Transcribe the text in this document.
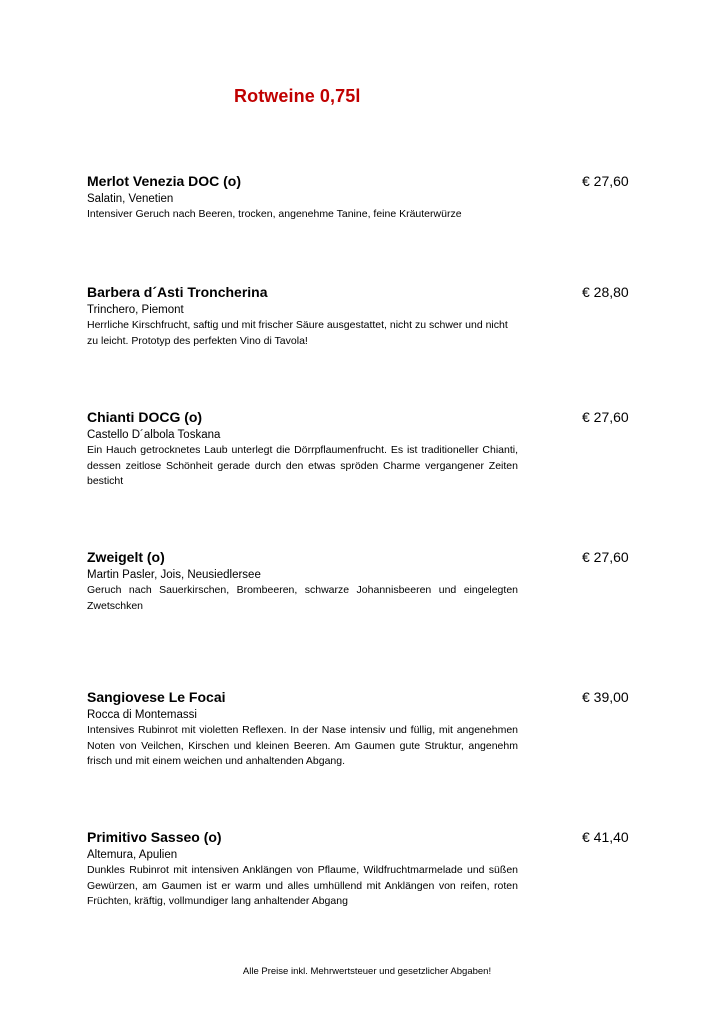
Rotweine 0,75l
Merlot Venezia DOC (o)
Salatin, Venetien

Intensiver Geruch nach Beeren, trocken, angenehme Tanine, feine Kräuterwürze

€ 27,60
Barbera d´Asti Troncherina
Trinchero, Piemont

Herrliche Kirschfrucht, saftig und mit frischer Säure ausgestattet, nicht zu schwer und nicht zu leicht. Prototyp des perfekten Vino di Tavola!

€ 28,80
Chianti DOCG (o)
Castello D´albola Toskana

Ein Hauch getrocknetes Laub unterlegt die Dörrpflaumenfrucht. Es ist traditioneller Chianti, dessen zeitlose Schönheit gerade durch den etwas spröden Charme vergangener Zeiten besticht

€ 27,60
Zweigelt (o)
Martin Pasler, Jois, Neusiedlersee

Geruch nach Sauerkirschen, Brombeeren, schwarze Johannisbeeren und eingelegten Zwetschken

€ 27,60
Sangiovese Le Focai
Rocca di Montemassi

Intensives Rubinrot mit violetten Reflexen. In der Nase intensiv und füllig, mit angenehmen Noten von Veilchen, Kirschen und kleinen Beeren. Am Gaumen gute Struktur, angenehm frisch und mit einem weichen und anhaltenden Abgang.

€ 39,00
Primitivo Sasseo (o)
Altemura, Apulien

Dunkles Rubinrot mit intensiven Anklängen von Pflaume, Wildfruchtmarmelade und süßen Gewürzen, am Gaumen ist er warm und alles umhüllend mit Anklängen von reifen, roten Früchten, kräftig, vollmundiger lang anhaltender Abgang

€ 41,40
Alle Preise inkl. Mehrwertsteuer und gesetzlicher Abgaben!
